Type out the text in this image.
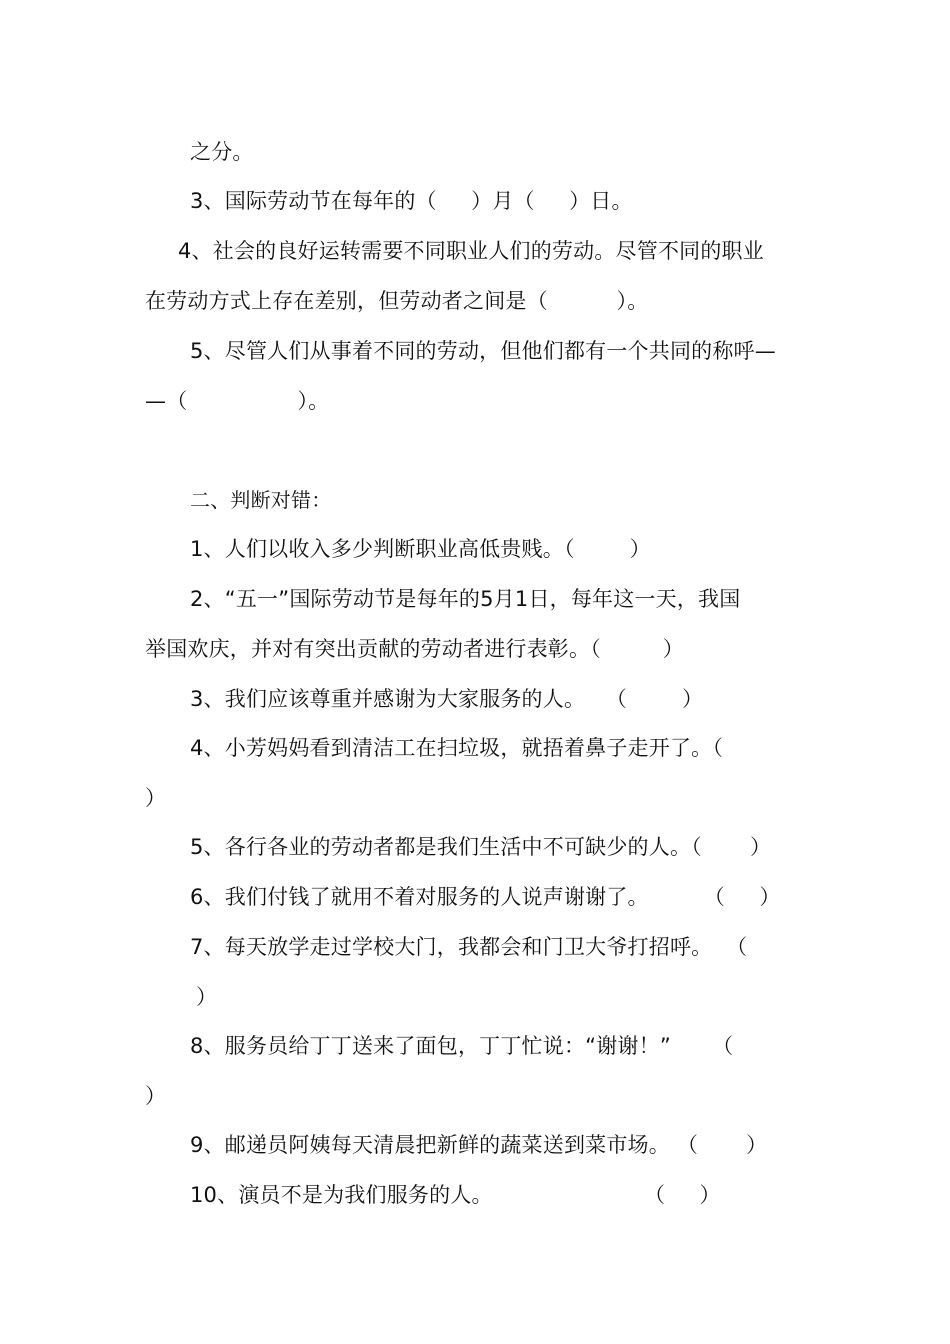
之分。
3、国际劳动节在每年的（     ）月（     ）日。
4、社会的良好运转需要不同职业人们的劳动。尽管不同的职业
在劳动方式上存在差别，但劳动者之间是（          ）。
5、尽管人们从事着不同的劳动，但他们都有一个共同的称呼—
—（                ）。
二、判断对错：
1、人们以收入多少判断职业高低贵贱。（        ）
2、“五一”国际劳动节是每年的5月1日，每年这一天，我国
举国欢庆，并对有突出贡献的劳动者进行表彰。（         ）
3、我们应该尊重并感谢为大家服务的人。   （        ）
4、小芳妈妈看到清洁工在扫垃圾，就捂着鼻子走开了。（
）
5、各行各业的劳动者都是我们生活中不可缺少的人。（       ）
6、我们付钱了就用不着对服务的人说声谢谢了。        （     ）
7、每天放学走过学校大门，我都会和门卫大爷打招呼。  （
）
8、服务员给丁丁送来了面包，丁丁忙说：“谢谢！”      （
）
9、邮递员阿姨每天清晨把新鲜的蔬菜送到菜市场。 （       ）
10、演员不是为我们服务的人。                      （     ）
